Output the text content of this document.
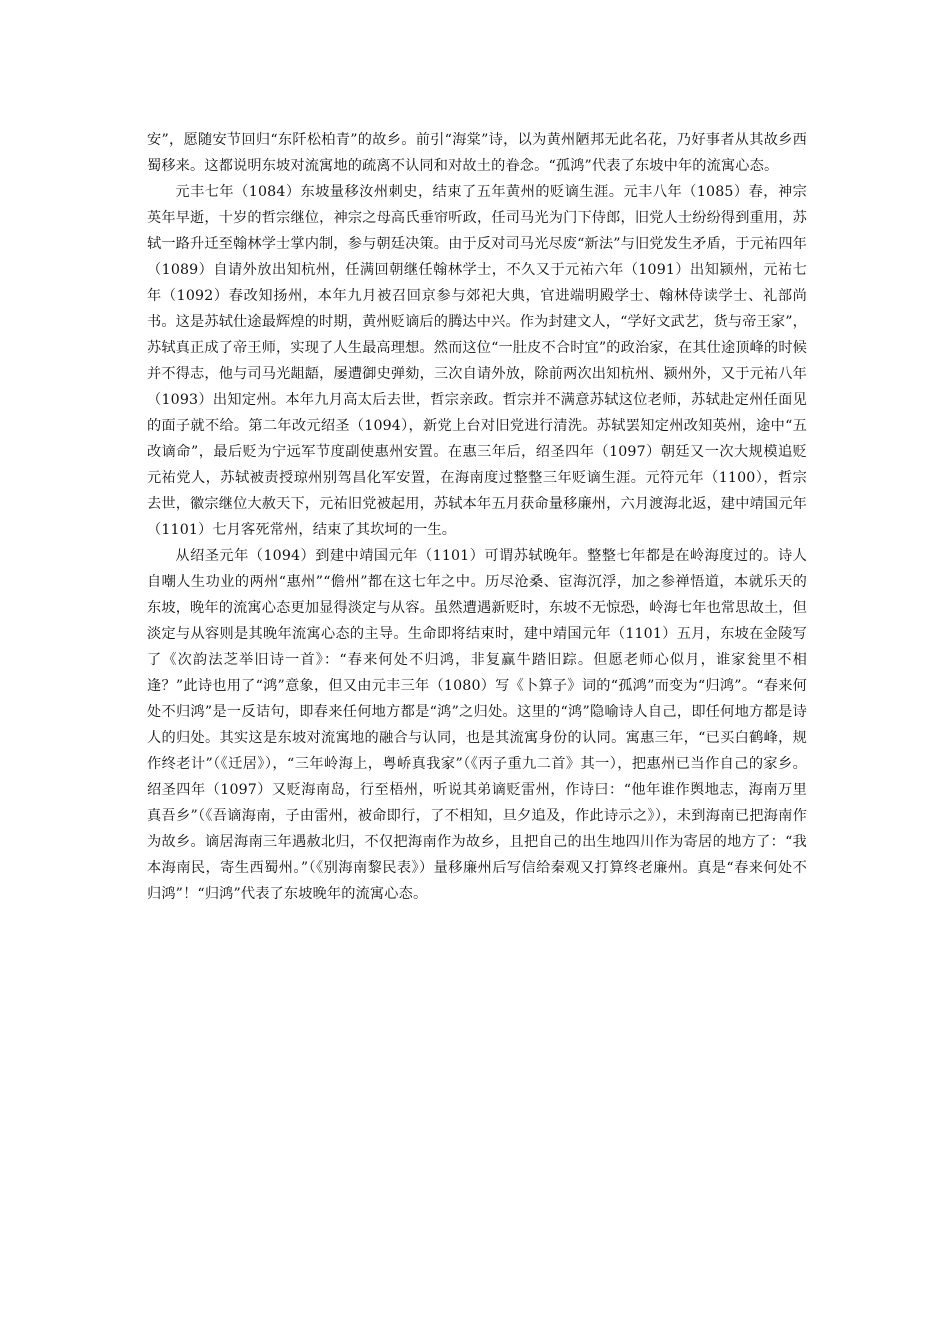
安”，愿随安节回归“东阡松柏青”的故乡。前引“海棠”诗，以为黄州陋邦无此名花，乃好事者从其故乡西蜀移来。这都说明东坡对流寓地的疏离不认同和对故土的眷念。“孤鸿”代表了东坡中年的流寓心态。

元丰七年（1084）东坡量移汝州刺史，结束了五年黄州的贬谪生涯。元丰八年（1085）春，神宗英年早逝，十岁的哲宗继位，神宗之母高氏垂帘听政，任司马光为门下侍郎，旧党人士纷纷得到重用，苏轼一路升迁至翰林学士掌内制，参与朝廷决策。由于反对司马光尽废“新法”与旧党发生矛盾，于元祐四年（1089）自请外放出知杭州，任满回朝继任翰林学士，不久又于元祐六年（1091）出知颍州，元祐七年（1092）春改知扬州，本年九月被召回京参与郊祀大典，官进端明殿学士、翰林侍读学士、礼部尚书。这是苏轼仕途最辉煌的时期，黄州贬谪后的腾达中兴。作为封建文人，“学好文武艺，货与帝王家”，苏轼真正成了帝王师，实现了人生最高理想。然而这位“一肚皮不合时宜”的政治家，在其仕途顶峰的时候并不得志，他与司马光龃龉，屡遭御史弹劾，三次自请外放，除前两次出知杭州、颍州外，又于元祐八年（1093）出知定州。本年九月高太后去世，哲宗亲政。哲宗并不满意苏轼这位老师，苏轼赴定州任面见的面子就不给。第二年改元绍圣（1094），新党上台对旧党进行清洗。苏轼罢知定州改知英州，途中“五改谪命”，最后贬为宁远军节度副使惠州安置。在惠三年后，绍圣四年（1097）朝廷又一次大规模追贬元祐党人，苏轼被责授琼州别驾昌化军安置，在海南度过整整三年贬谪生涯。元符元年（1100），哲宗去世，徽宗继位大赦天下，元祐旧党被起用，苏轼本年五月获命量移廉州，六月渡海北返，建中靖国元年（1101）七月客死常州，结束了其坎坷的一生。

从绍圣元年（1094）到建中靖国元年（1101）可谓苏轼晚年。整整七年都是在岭海度过的。诗人自嘲人生功业的两州“惠州”“儋州”都在这七年之中。历尽沧桑、宦海沉浮，加之参禅悟道，本就乐天的东坡，晚年的流寓心态更加显得淡定与从容。虽然遭遇新贬时，东坡不无惊恐，岭海七年也常思故土，但淡定与从容则是其晚年流寓心态的主导。生命即将结束时，建中靖国元年（1101）五月，东坡在金陵写了《次韵法芝举旧诗一首》：“春来何处不归鸿，非复赢牛踏旧踪。但愿老师心似月，谁家瓮里不相逢？”此诗也用了“鸿”意象，但又由元丰三年（1080）写《卜算子》词的“孤鸿”而变为“归鸿”。“春来何处不归鸿”是一反诘句，即春来任何地方都是“鸿”之归处。这里的“鸿”隐喻诗人自己，即任何地方都是诗人的归处。其实这是东坡对流寓地的融合与认同，也是其流寓身份的认同。寓惠三年，“已买白鹤峰，规作终老计”（《迁居》），“三年岭海上，粤峤真我家”（《丙子重九二首》其一），把惠州已当作自己的家乡。绍圣四年（1097）又贬海南岛，行至梧州，听说其弟谪贬雷州，作诗曰：“他年谁作舆地志，海南万里真吾乡”（《吾谪海南，子由雷州，被命即行，了不相知，旦夕追及，作此诗示之》），未到海南已把海南作为故乡。谪居海南三年遇赦北归，不仅把海南作为故乡，且把自己的出生地四川作为寄居的地方了：“我本海南民，寄生西蜀州。”（《别海南黎民表》）量移廉州后写信给秦观又打算终老廉州。真是“春来何处不归鸿”！“归鸿”代表了东坡晚年的流寓心态。
